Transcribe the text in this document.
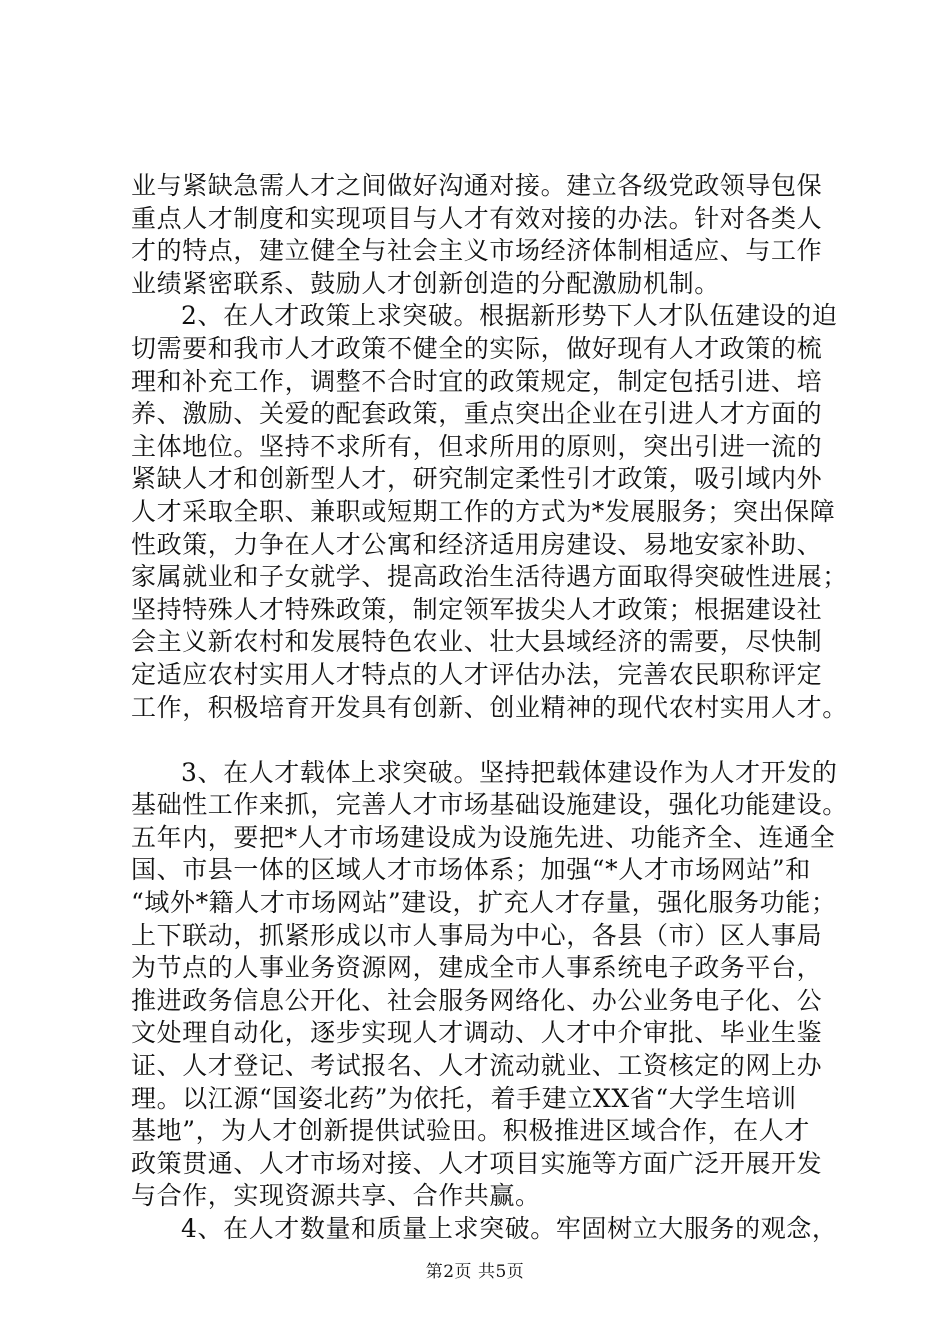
业与紧缺急需人才之间做好沟通对接。建立各级党政领导包保
重点人才制度和实现项目与人才有效对接的办法。针对各类人
才的特点，建立健全与社会主义市场经济体制相适应、与工作
业绩紧密联系、鼓励人才创新创造的分配激励机制。
2、在人才政策上求突破。根据新形势下人才队伍建设的迫
切需要和我市人才政策不健全的实际，做好现有人才政策的梳
理和补充工作，调整不合时宜的政策规定，制定包括引进、培
养、激励、关爱的配套政策，重点突出企业在引进人才方面的
主体地位。坚持不求所有，但求所用的原则，突出引进一流的
紧缺人才和创新型人才，研究制定柔性引才政策，吸引域内外
人才采取全职、兼职或短期工作的方式为*发展服务；突出保障
性政策，力争在人才公寓和经济适用房建设、易地安家补助、
家属就业和子女就学、提高政治生活待遇方面取得突破性进展；
坚持特殊人才特殊政策，制定领军拔尖人才政策；根据建设社
会主义新农村和发展特色农业、壮大县域经济的需要，尽快制
定适应农村实用人才特点的人才评估办法，完善农民职称评定
工作，积极培育开发具有创新、创业精神的现代农村实用人才。
3、在人才载体上求突破。坚持把载体建设作为人才开发的
基础性工作来抓，完善人才市场基础设施建设，强化功能建设。
五年内，要把*人才市场建设成为设施先进、功能齐全、连通全
国、市县一体的区域人才市场体系；加强“*人才市场网站”和
“域外*籍人才市场网站”建设，扩充人才存量，强化服务功能；
上下联动，抓紧形成以市人事局为中心，各县（市）区人事局
为节点的人事业务资源网，建成全市人事系统电子政务平台，
推进政务信息公开化、社会服务网络化、办公业务电子化、公
文处理自动化，逐步实现人才调动、人才中介审批、毕业生鉴
证、人才登记、考试报名、人才流动就业、工资核定的网上办
理。以江源“国姿北药”为依托，着手建立XX省“大学生培训
基地”，为人才创新提供试验田。积极推进区域合作，在人才
政策贯通、人才市场对接、人才项目实施等方面广泛开展开发
与合作，实现资源共享、合作共赢。
4、在人才数量和质量上求突破。牢固树立大服务的观念，
第2页 共5页
